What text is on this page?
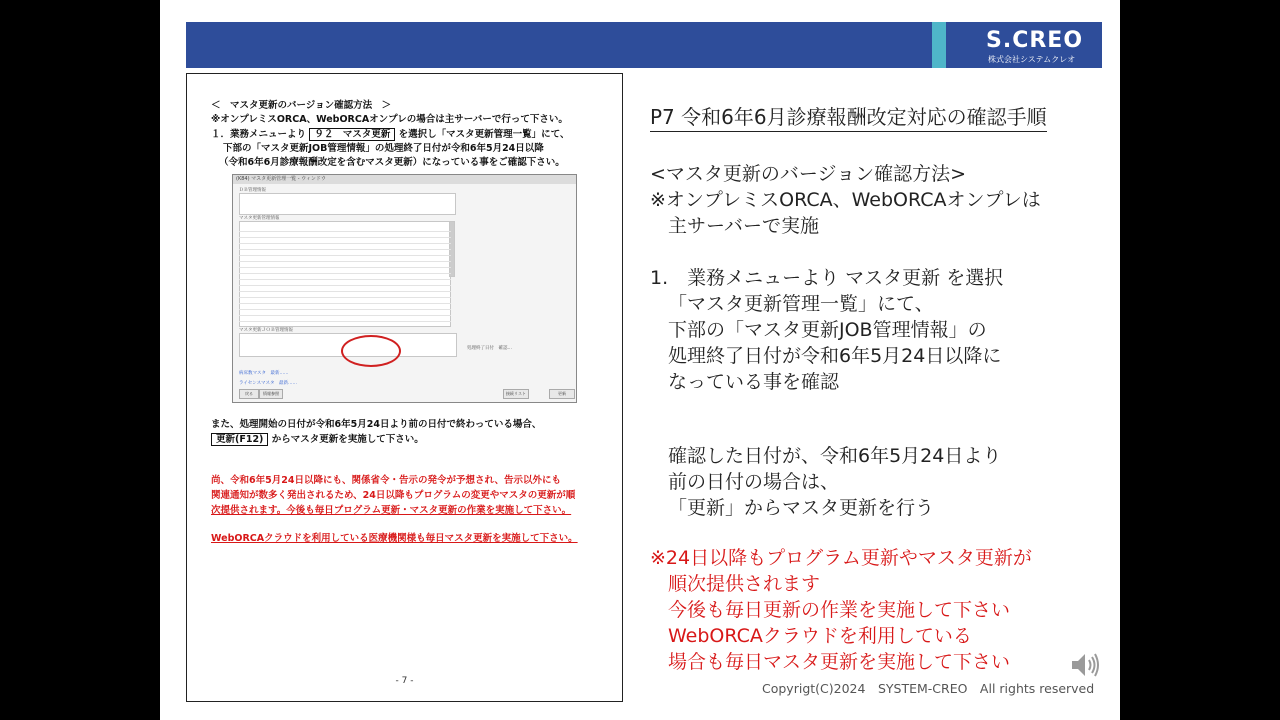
S.CREO
株式会社システムクレオ
＜　マスタ更新のバージョン確認方法　＞
※オンプレミスORCA、WebORCAオンプレの場合は主サーバーで行って下さい。
１．業務メニューより ９２　マスタ更新 を選択し「マスタ更新管理一覧」にて、
下部の「マスタ更新JOB管理情報」の処理終了日付が令和6年5月24日以降
（令和6年6月診療報酬改定を含むマスタ更新）になっている事をご確認下さい。
(K84) マスタ更新管理一覧 - ウィンドウ
ＤＢ管理情報
マスタ更新管理情報
マスタ更新ＪＯＢ管理情報
処理終了日付　確認…
病床数マスタ　最新……
ライセンスマスタ　最新……
戻る	情報参照	接続リスト	更新
また、処理開始の日付が令和6年5月24日より前の日付で終わっている場合、
更新(F12) からマスタ更新を実施して下さい。
尚、令和6年5月24日以降にも、関係省令・告示の発令が予想され、告示以外にも
関連通知が数多く発出されるため、24日以降もプログラムの変更やマスタの更新が順
次提供されます。今後も毎日プログラム更新・マスタ更新の作業を実施して下さい。
WebORCAクラウドを利用している医療機関様も毎日マスタ更新を実施して下さい。
- 7 -
P7 令和6年6月診療報酬改定対応の確認手順
<マスタ更新のバージョン確認方法>
※オンプレミスORCA、WebORCAオンプレは
主サーバーで実施
1.　業務メニューより マスタ更新 を選択
「マスタ更新管理一覧」にて、
下部の「マスタ更新JOB管理情報」の
処理終了日付が令和6年5月24日以降に
なっている事を確認
確認した日付が、令和6年5月24日より
前の日付の場合は、
「更新」からマスタ更新を行う
※24日以降もプログラム更新やマスタ更新が
順次提供されます
今後も毎日更新の作業を実施して下さい
WebORCAクラウドを利用している
場合も毎日マスタ更新を実施して下さい
Copyrigt(C)2024　SYSTEM-CREO　All rights reserved
